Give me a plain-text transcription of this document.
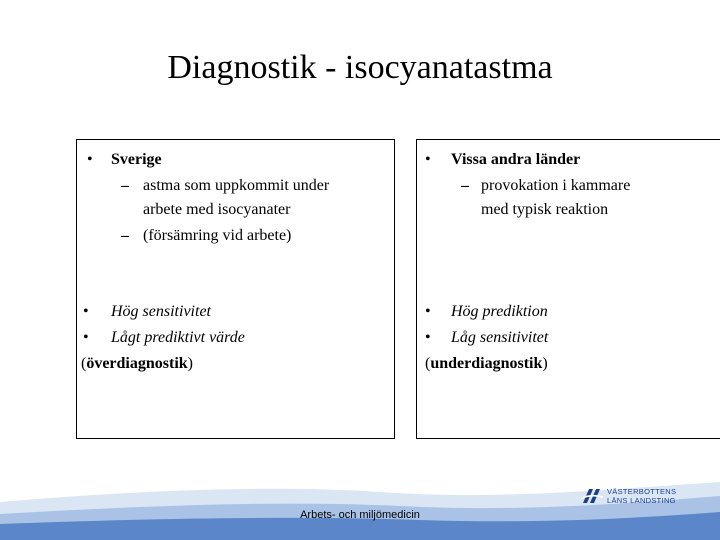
Diagnostik - isocyanatastma
• Sverige
– astma som uppkommit under
arbete med isocyanater
– (försämring vid arbete)
• Hög sensitivitet
• Lågt prediktivt värde
(överdiagnostik)
• Vissa andra länder
– provokation i kammare
med typisk reaktion
• Hög prediktion
• Låg sensitivitet
(underdiagnostik)
Arbets- och miljömedicin
VÄSTERBOTTENS
LÄNS LANDSTING
